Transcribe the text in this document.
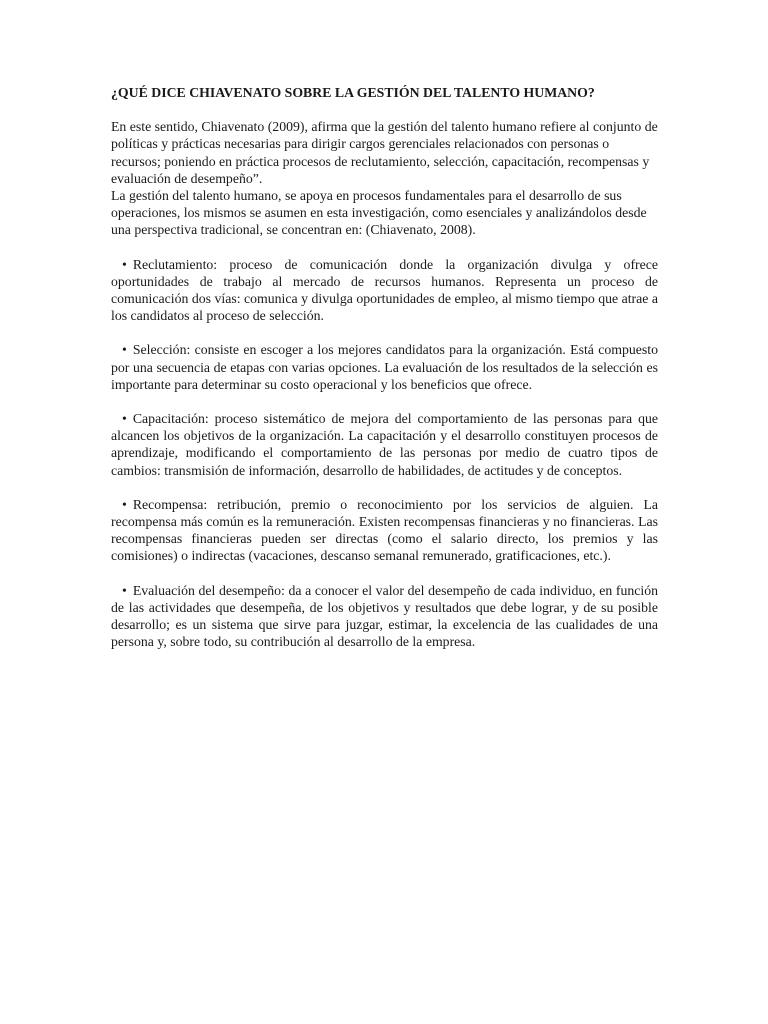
¿QUÉ DICE CHIAVENATO SOBRE LA GESTIÓN DEL TALENTO HUMANO?

En este sentido, Chiavenato (2009), afirma que la gestión del talento humano refiere al conjunto de políticas y prácticas necesarias para dirigir cargos gerenciales relacionados con personas o recursos; poniendo en práctica procesos de reclutamiento, selección, capacitación, recompensas y evaluación de desempeño”.

La gestión del talento humano, se apoya en procesos fundamentales para el desarrollo de sus operaciones, los mismos se asumen en esta investigación, como esenciales y analizándolos desde una perspectiva tradicional, se concentran en: (Chiavenato, 2008).

• Reclutamiento: proceso de comunicación donde la organización divulga y ofrece oportunidades de trabajo al mercado de recursos humanos. Representa un proceso de comunicación dos vías: comunica y divulga oportunidades de empleo, al mismo tiempo que atrae a los candidatos al proceso de selección.

• Selección: consiste en escoger a los mejores candidatos para la organización. Está compuesto por una secuencia de etapas con varias opciones. La evaluación de los resultados de la selección es importante para determinar su costo operacional y los beneficios que ofrece.

• Capacitación: proceso sistemático de mejora del comportamiento de las personas para que alcancen los objetivos de la organización. La capacitación y el desarrollo constituyen procesos de aprendizaje, modificando el comportamiento de las personas por medio de cuatro tipos de cambios: transmisión de información, desarrollo de habilidades, de actitudes y de conceptos.

• Recompensa: retribución, premio o reconocimiento por los servicios de alguien. La recompensa más común es la remuneración. Existen recompensas financieras y no financieras. Las recompensas financieras pueden ser directas (como el salario directo, los premios y las comisiones) o indirectas (vacaciones, descanso semanal remunerado, gratificaciones, etc.).

• Evaluación del desempeño: da a conocer el valor del desempeño de cada individuo, en función de las actividades que desempeña, de los objetivos y resultados que debe lograr, y de su posible desarrollo; es un sistema que sirve para juzgar, estimar, la excelencia de las cualidades de una persona y, sobre todo, su contribución al desarrollo de la empresa.
